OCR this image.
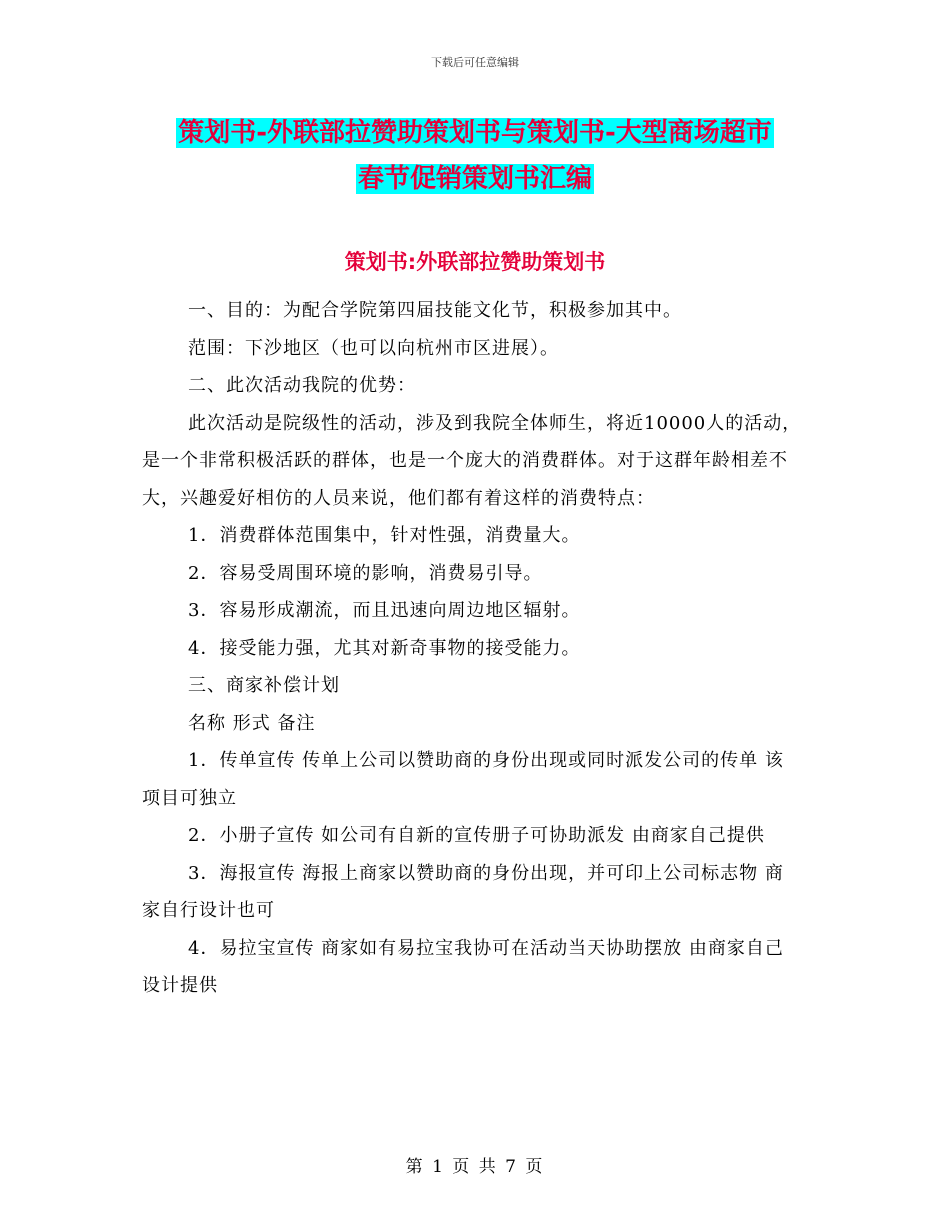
下载后可任意编辑
策划书-外联部拉赞助策划书与策划书-大型商场超市
春节促销策划书汇编
策划书:外联部拉赞助策划书

一、目的：为配合学院第四届技能文化节，积极参加其中。

范围：下沙地区（也可以向杭州市区进展）。

二、此次活动我院的优势：

此次活动是院级性的活动，涉及到我院全体师生，将近10000人的活动，是一个非常积极活跃的群体，也是一个庞大的消费群体。对于这群年龄相差不大，兴趣爱好相仿的人员来说，他们都有着这样的消费特点：

1．消费群体范围集中，针对性强，消费量大。

2．容易受周围环境的影响，消费易引导。

3．容易形成潮流，而且迅速向周边地区辐射。

4．接受能力强，尤其对新奇事物的接受能力。

三、商家补偿计划

名称 形式 备注

1．传单宣传 传单上公司以赞助商的身份出现或同时派发公司的传单 该项目可独立

2．小册子宣传 如公司有自新的宣传册子可协助派发 由商家自己提供

3．海报宣传 海报上商家以赞助商的身份出现，并可印上公司标志物 商家自行设计也可

4．易拉宝宣传 商家如有易拉宝我协可在活动当天协助摆放 由商家自己设计提供

第 1 页 共 7 页
